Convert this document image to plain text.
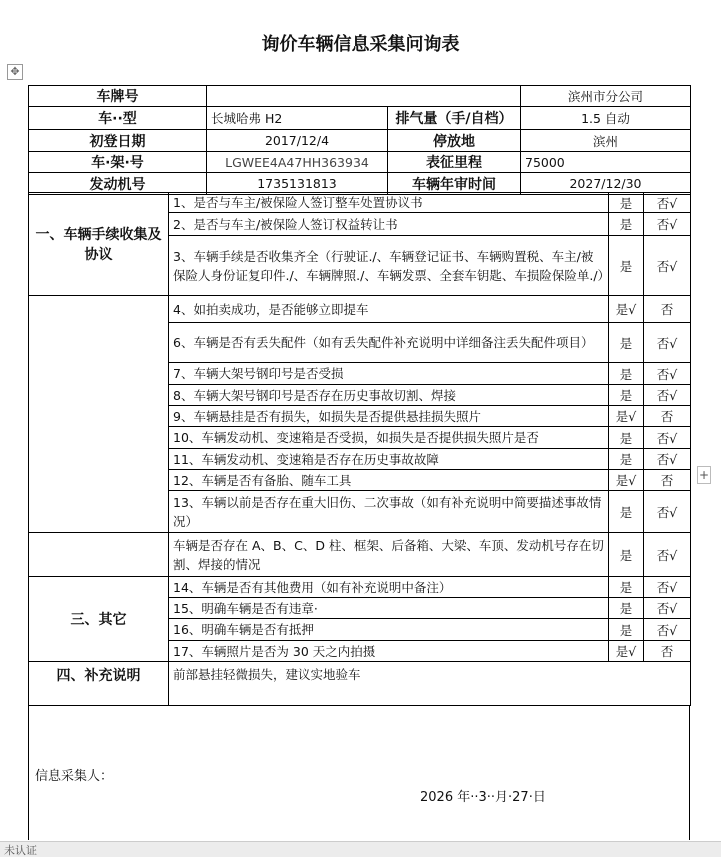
询价车辆信息采集问询表
✥
+
车牌号			滨州市分公司
车··型	长城哈弗 H2	排气量（手/自档）	1.5 自动
初登日期	2017/12/4	停放地	滨州
车·架·号	LGWEE4A47HH363934	表征里程	75000
发动机号	1735131813	车辆年审时间	2027/12/30
一、车辆手续收集及协议	1、是否与车主/被保险人签订整车处置协议书	是	否√
	2、是否与车主/被保险人签订权益转让书	是	否√
	3、车辆手续是否收集齐全（行驶证./、车辆登记证书、车辆购置税、车主/被保险人身份证复印件./、车辆牌照./、车辆发票、全套车钥匙、车损险保险单./）	是	否√
	4、如拍卖成功，是否能够立即提车	是√	否
	6、车辆是否有丢失配件（如有丢失配件补充说明中详细备注丢失配件项目）	是	否√
	7、车辆大架号钢印号是否受损	是	否√
	8、车辆大架号钢印号是否存在历史事故切割、焊接	是	否√
	9、车辆悬挂是否有损失，如损失是否提供悬挂损失照片	是√	否
	10、车辆发动机、变速箱是否受损，如损失是否提供损失照片是否	是	否√
	11、车辆发动机、变速箱是否存在历史事故故障	是	否√
	12、车辆是否有备胎、随车工具	是√	否
	13、车辆以前是否存在重大旧伤、二次事故（如有补充说明中简要描述事故情况）	是	否√
	车辆是否存在 A、B、C、D 柱、框架、后备箱、大梁、车顶、发动机号存在切割、焊接的情况	是	否√
三、其它	14、车辆是否有其他费用（如有补充说明中备注）	是	否√
	15、明确车辆是否有违章·	是	否√
	16、明确车辆是否有抵押	是	否√
	17、车辆照片是否为 30 天之内拍摄	是√	否
四、补充说明	前部悬挂轻微损失，建议实地验车		
信息采集人：
2026 年··3··月·27·日
未认证
